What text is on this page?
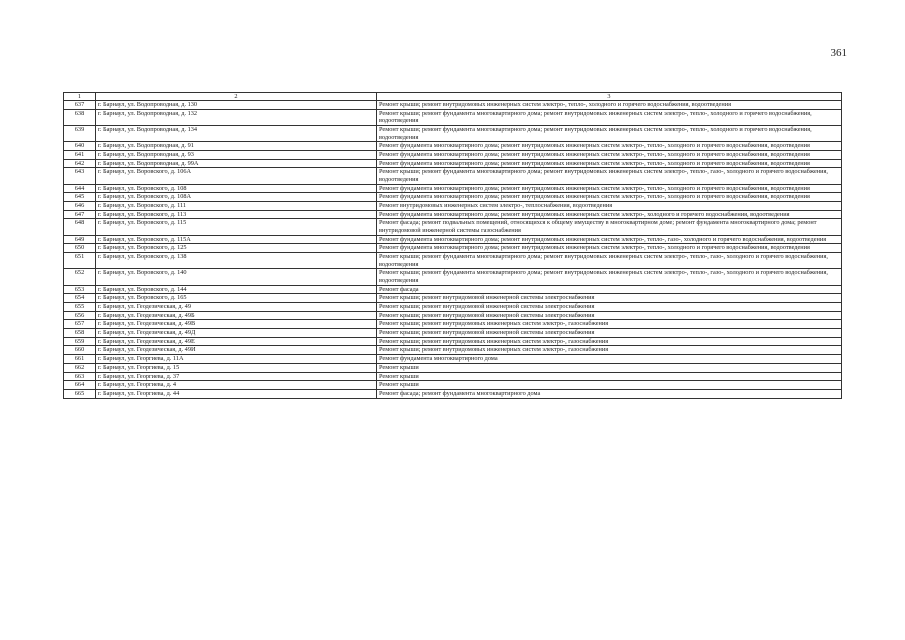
361
1	2	3
637	г. Барнаул, ул. Водопроводная, д. 130	Ремонт крыши; ремонт внутридомовых инженерных систем электро-, тепло-, холодного и горячего водоснабжения, водоотведения
638	г. Барнаул, ул. Водопроводная, д. 132	Ремонт крыши; ремонт фундамента многоквартирного дома; ремонт внутридомовых инженерных систем электро-, тепло-, холодного и горячего водоснабжения, водоотведения
639	г. Барнаул, ул. Водопроводная, д. 134	Ремонт крыши; ремонт фундамента многоквартирного дома; ремонт внутридомовых инженерных систем электро-, тепло-, холодного и горячего водоснабжения, водоотведения
640	г. Барнаул, ул. Водопроводная, д. 91	Ремонт фундамента многоквартирного дома; ремонт внутридомовых инженерных систем электро-, тепло-, холодного и горячего водоснабжения, водоотведения
641	г. Барнаул, ул. Водопроводная, д. 93	Ремонт фундамента многоквартирного дома; ремонт внутридомовых инженерных систем электро-, тепло-, холодного и горячего водоснабжения, водоотведения
642	г. Барнаул, ул. Водопроводная, д. 99А	Ремонт фундамента многоквартирного дома; ремонт внутридомовых инженерных систем электро-, тепло-, холодного и горячего водоснабжения, водоотведения
643	г. Барнаул, ул. Воровского, д. 106А	Ремонт крыши; ремонт фундамента многоквартирного дома; ремонт внутридомовых инженерных систем электро-, тепло-, газо-, холодного и горячего водоснабжения, водоотведения
644	г. Барнаул, ул. Воровского, д. 108	Ремонт фундамента многоквартирного дома; ремонт внутридомовых инженерных систем электро-, тепло-, холодного и горячего водоснабжения, водоотведения
645	г. Барнаул, ул. Воровского, д. 108А	Ремонт фундамента многоквартирного дома; ремонт внутридомовых инженерных систем электро-, тепло-, холодного и горячего водоснабжения, водоотведения
646	г. Барнаул, ул. Воровского, д. 111	Ремонт внутридомовых инженерных систем электро-, теплоснабжения, водоотведения
647	г. Барнаул, ул. Воровского, д. 113	Ремонт фундамента многоквартирного дома; ремонт внутридомовых инженерных систем электро-, холодного и горячего водоснабжения, водоотведения
648	г. Барнаул, ул. Воровского, д. 115	Ремонт фасада; ремонт подвальных помещений, относящихся к общему имуществу в многоквартирном доме; ремонт фундамента многоквартирного дома; ремонт внутридомовой инженерной системы газоснабжения
649	г. Барнаул, ул. Воровского, д. 115А	Ремонт фундамента многоквартирного дома; ремонт внутридомовых инженерных систем электро-, тепло-, газо-, холодного и горячего водоснабжения, водоотведения
650	г. Барнаул, ул. Воровского, д. 125	Ремонт фундамента многоквартирного дома; ремонт внутридомовых инженерных систем электро-, тепло-, холодного и горячего водоснабжения, водоотведения
651	г. Барнаул, ул. Воровского, д. 138	Ремонт крыши; ремонт фундамента многоквартирного дома; ремонт внутридомовых инженерных систем электро-, тепло-, газо-, холодного и горячего водоснабжения, водоотведения
652	г. Барнаул, ул. Воровского, д. 140	Ремонт крыши; ремонт фундамента многоквартирного дома; ремонт внутридомовых инженерных систем электро-, тепло-, газо-, холодного и горячего водоснабжения, водоотведения
653	г. Барнаул, ул. Воровского, д. 144	Ремонт фасада
654	г. Барнаул, ул. Воровского, д. 165	Ремонт крыши; ремонт внутридомовой инженерной системы электроснабжения
655	г. Барнаул, ул. Геодезическая, д. 49	Ремонт крыши; ремонт внутридомовой инженерной системы электроснабжения
656	г. Барнаул, ул. Геодезическая, д. 49Б	Ремонт крыши; ремонт внутридомовой инженерной системы электроснабжения
657	г. Барнаул, ул. Геодезическая, д. 49В	Ремонт крыши; ремонт внутридомовых инженерных систем электро-, газоснабжения
658	г. Барнаул, ул. Геодезическая, д. 49Д	Ремонт крыши; ремонт внутридомовой инженерной системы электроснабжения
659	г. Барнаул, ул. Геодезическая, д. 49Е	Ремонт крыши; ремонт внутридомовых инженерных систем электро-, газоснабжения
660	г. Барнаул, ул. Геодезическая, д. 49И	Ремонт крыши; ремонт внутридомовых инженерных систем электро-, газоснабжения
661	г. Барнаул, ул. Георгиева, д. 11А	Ремонт фундамента многоквартирного дома
662	г. Барнаул, ул. Георгиева, д. 15	Ремонт крыши
663	г. Барнаул, ул. Георгиева, д. 37	Ремонт крыши
664	г. Барнаул, ул. Георгиева, д. 4	Ремонт крыши
665	г. Барнаул, ул. Георгиева, д. 44	Ремонт фасада; ремонт фундамента многоквартирного дома
